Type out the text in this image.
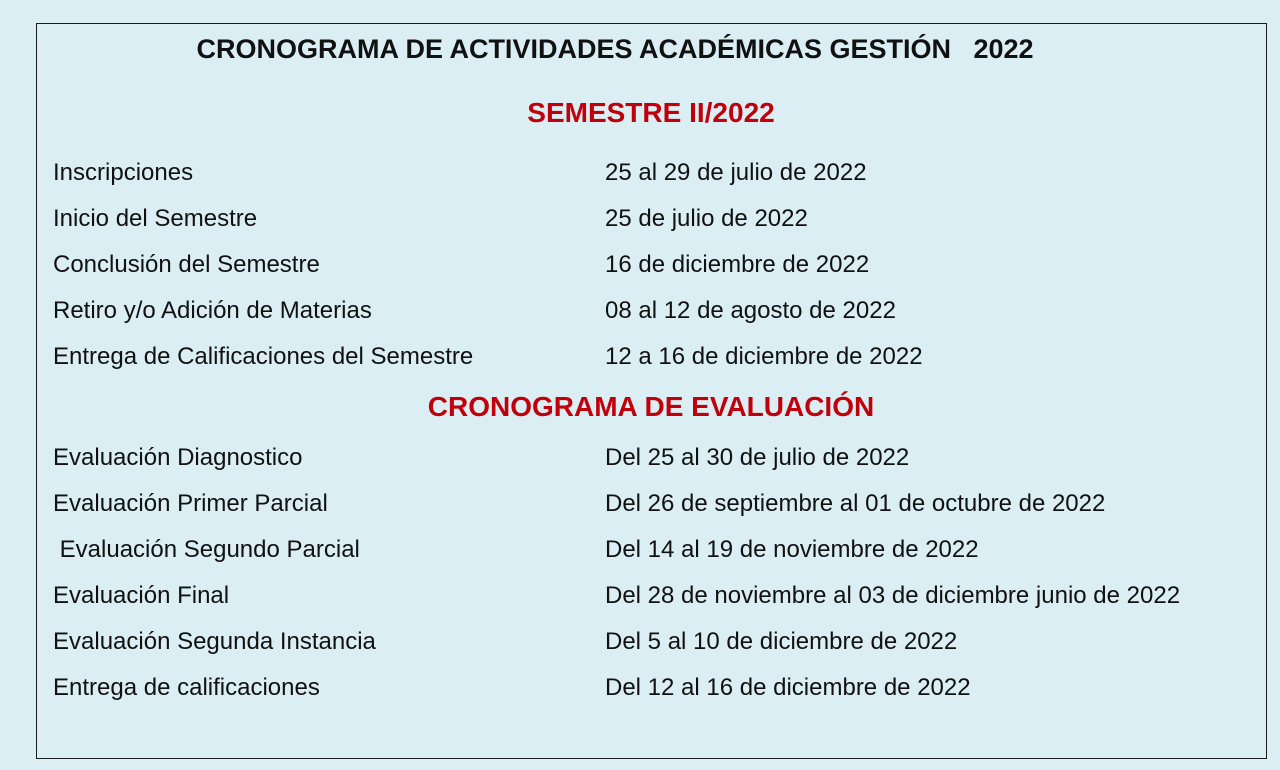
CRONOGRAMA DE ACTIVIDADES ACADÉMICAS GESTIÓN   2022
SEMESTRE II/2022
Inscripciones	25 al 29 de julio de 2022
Inicio del Semestre	25 de julio de 2022
Conclusión del Semestre	16 de diciembre de 2022
Retiro y/o Adición de Materias	08 al 12 de agosto de 2022
Entrega de Calificaciones del Semestre	12 a 16 de diciembre de 2022
CRONOGRAMA DE EVALUACIÓN
Evaluación Diagnostico	Del 25 al 30 de julio de 2022
Evaluación Primer Parcial	Del 26 de septiembre al 01 de octubre de 2022
Evaluación Segundo Parcial	Del 14 al 19 de noviembre de 2022
Evaluación Final	Del 28 de noviembre al 03 de diciembre junio de 2022
Evaluación Segunda Instancia	Del 5 al 10 de diciembre de 2022
Entrega de calificaciones	Del 12 al 16 de diciembre de 2022
